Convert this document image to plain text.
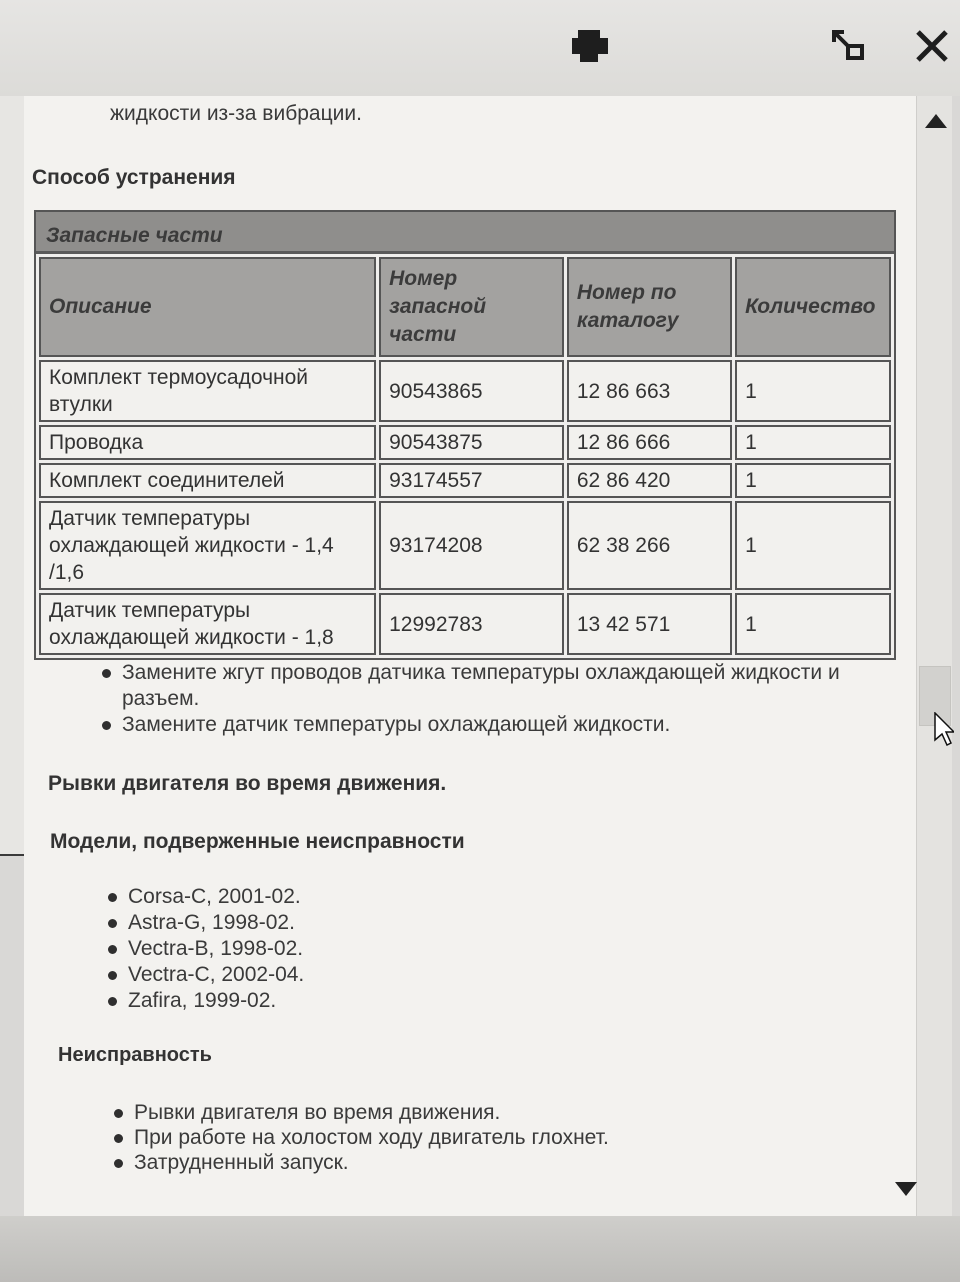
жидкости из-за вибрации.
Способ устранения
Запасные части
Описание	Номер запасной части	Номер по каталогу	Количество
Комплект термоусадочной втулки	90543865	12 86 663	1
Проводка	90543875	12 86 666	1
Комплект соединителей	93174557	62 86 420	1
Датчик температуры охлаждающей жидкости - 1,4 /1,6	93174208	62 38 266	1
Датчик температуры охлаждающей жидкости - 1,8	12992783	13 42 571	1
Замените жгут проводов датчика температуры охлаждающей жидкости и разъем.
Замените датчик температуры охлаждающей жидкости.
Рывки двигателя во время движения.
Модели, подверженные неисправности
Corsa-C, 2001-02.
Astra-G, 1998-02.
Vectra-B, 1998-02.
Vectra-C, 2002-04.
Zafira, 1999-02.
Неисправность
Рывки двигателя во время движения.
При работе на холостом ходу двигатель глохнет.
Затрудненный запуск.
